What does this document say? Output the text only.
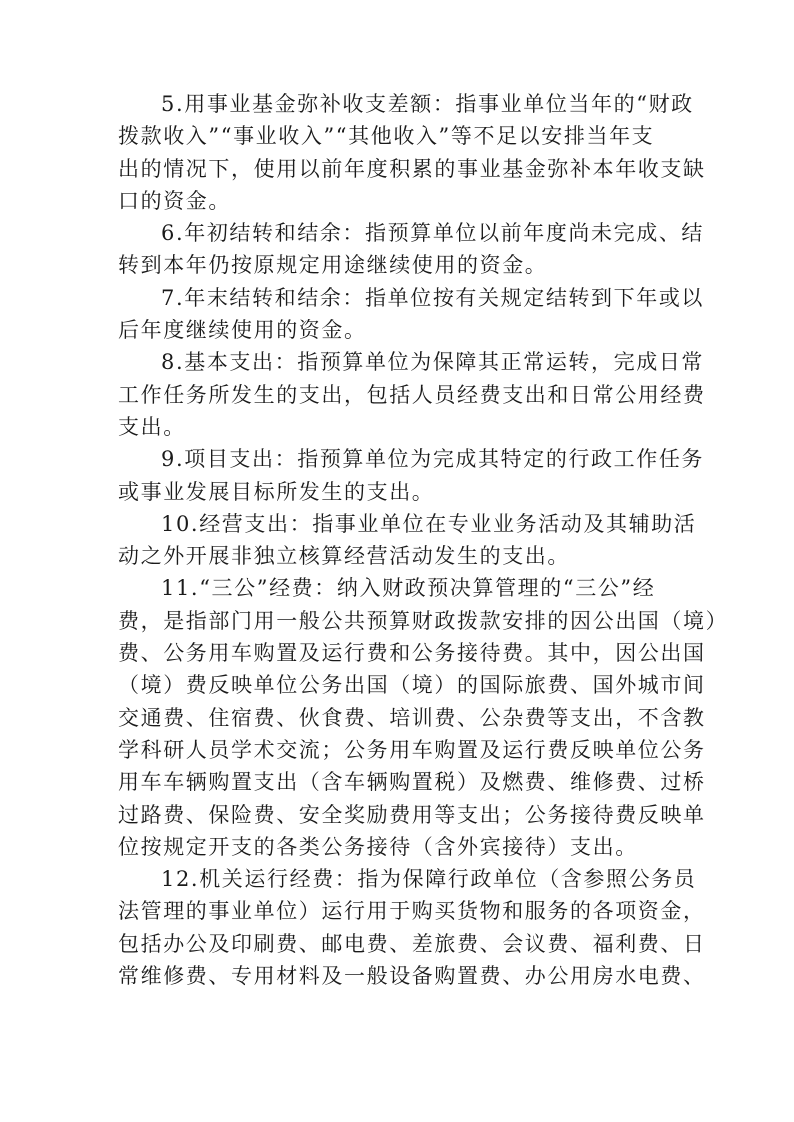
5.用事业基金弥补收支差额：指事业单位当年的“财政
拨款收入”“事业收入”“其他收入”等不足以安排当年支
出的情况下，使用以前年度积累的事业基金弥补本年收支缺
口的资金。
6.年初结转和结余：指预算单位以前年度尚未完成、结
转到本年仍按原规定用途继续使用的资金。
7.年末结转和结余：指单位按有关规定结转到下年或以
后年度继续使用的资金。
8.基本支出：指预算单位为保障其正常运转，完成日常
工作任务所发生的支出，包括人员经费支出和日常公用经费
支出。
9.项目支出：指预算单位为完成其特定的行政工作任务
或事业发展目标所发生的支出。
10.经营支出：指事业单位在专业业务活动及其辅助活
动之外开展非独立核算经营活动发生的支出。
11.“三公”经费：纳入财政预决算管理的“三公”经
费，是指部门用一般公共预算财政拨款安排的因公出国（境）
费、公务用车购置及运行费和公务接待费。其中，因公出国
（境）费反映单位公务出国（境）的国际旅费、国外城市间
交通费、住宿费、伙食费、培训费、公杂费等支出，不含教
学科研人员学术交流；公务用车购置及运行费反映单位公务
用车车辆购置支出（含车辆购置税）及燃费、维修费、过桥
过路费、保险费、安全奖励费用等支出；公务接待费反映单
位按规定开支的各类公务接待（含外宾接待）支出。
12.机关运行经费：指为保障行政单位（含参照公务员
法管理的事业单位）运行用于购买货物和服务的各项资金，
包括办公及印刷费、邮电费、差旅费、会议费、福利费、日
常维修费、专用材料及一般设备购置费、办公用房水电费、
